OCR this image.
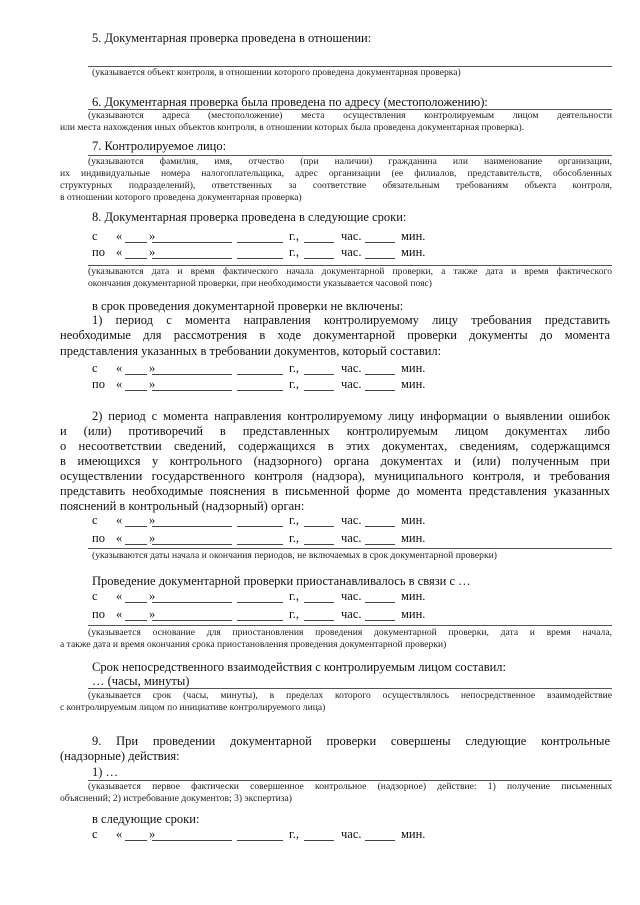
5. Документарная проверка проведена в отношении:
(указывается объект контроля, в отношении которого проведена документарная проверка)
6. Документарная проверка была проведена по адресу (местоположению):
(указываются адреса (местоположение) места осуществления контролируемым лицом деятельности
или места нахождения иных объектов контроля, в отношении которых была проведена документарная проверка).
7. Контролируемое лицо:
(указываются фамилия, имя, отчество (при наличии) гражданина или наименование организации,
их индивидуальные номера налогоплательщика, адрес организации (ее филиалов, представительств, обособленных
структурных подразделений), ответственных за соответствие обязательным требованиям объекта контроля,
в отношении которого проведена документарная проверка)
8. Документарная проверка проведена в следующие сроки:
с « »	г.,	час.	мин.
по « »	г.,	час.	мин.
с « »	г.,	час.	мин.
по « »	г.,	час.	мин.
с « »	г.,	час.	мин.
по « »	г.,	час.	мин.
с « »	г.,	час.	мин.
по « »	г.,	час.	мин.
с « »	г.,	час.	мин.
(указываются дата и время фактического начала документарной проверки, а также дата и время фактического
окончания документарной проверки, при необходимости указывается часовой пояс)
в срок проведения документарной проверки не включены:
1) период с момента направления контролируемому лицу требования представить
необходимые для рассмотрения в ходе документарной проверки документы до момента
представления указанных в требовании документов, который составил:
2) период с момента направления контролируемому лицу информации о выявлении ошибок
и (или) противоречий в представленных контролируемым лицом документах либо
о несоответствии сведений, содержащихся в этих документах, сведениям, содержащимся
в имеющихся у контрольного (надзорного) органа документах и (или) полученным при
осуществлении государственного контроля (надзора), муниципального контроля, и требования
представить необходимые пояснения в письменной форме до момента представления указанных
пояснений в контрольный (надзорный) орган:
(указываются даты начала и окончания периодов, не включаемых в срок документарной проверки)
Проведение документарной проверки приостанавливалось в связи с …
(указывается основание для приостановления проведения документарной проверки, дата и время начала,
а также дата и время окончания срока приостановления проведения документарной проверки)
Срок непосредственного взаимодействия с контролируемым лицом составил:
… (часы, минуты)
(указывается срок (часы, минуты), в пределах которого осуществлялось непосредственное взаимодействие
с контролируемым лицом по инициативе контролируемого лица)
9. При проведении документарной проверки совершены следующие контрольные
(надзорные) действия:
1) …
(указывается первое фактически совершенное контрольное (надзорное) действие: 1) получение письменных
объяснений; 2) истребование документов; 3) экспертиза)
в следующие сроки:
